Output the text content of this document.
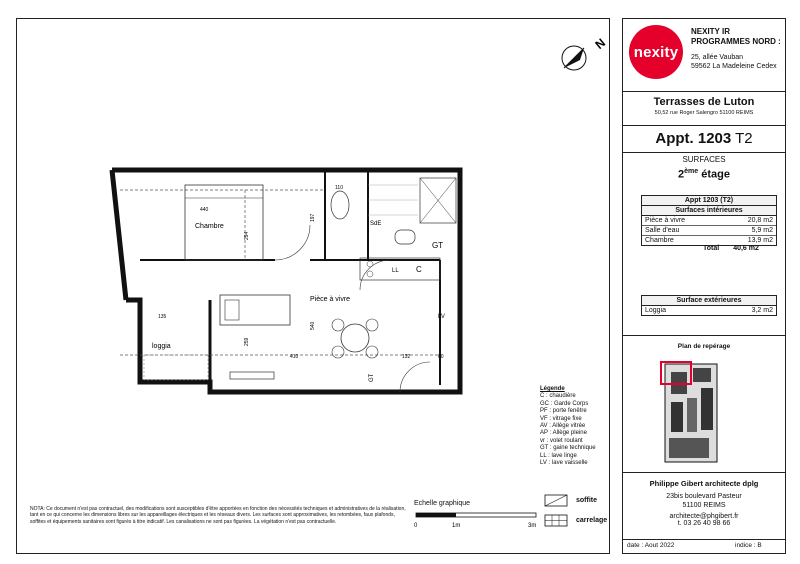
N
Chambre
Pièce à vivre
loggia
SdE
440
110
294
135
259
410	132	60
540
197
GT
GT
LL
LV
C
Légende
C : chaudière
GC : Garde Corps
PF : porte fenêtre
VF : vitrage fixe
AV : Allège vitrée
AP : Allège pleine
vr : volet roulant
GT : gaine technique
LL : lave linge
LV : lave vaisselle
Echelle graphique
0	1m	3m
soffite
carrelage
NOTA: Ce document n'est pas contractuel, des modifications sont susceptibles d'être apportées en fonction des nécessités techniques et administratives de la réalisation, tant en ce qui concerne les dimensions libres sur les appareillages électriques et les réseaux divers. Les surfaces sont approximatives, les retombées, faux plafonds, soffites et équipements sanitaires sont figurés à titre indicatif. Les canalisations ne sont pas figurées. La végétation n'est pas contractuelle.
nexity
NEXITY IR
PROGRAMMES NORD :
25, allée Vauban
59562 La Madeleine Cedex
Terrasses de Luton
50,52 rue Roger Salengro 51100 REIMS
Appt. 1203 T2
SURFACES
2ème étage
Appt 1203 (T2)
Surfaces intérieures
Pièce à vivre	20,8 m2
Salle d'eau	5,9 m2
Chambre	13,9 m2
Total 40,6 m2
Surface extérieures
Loggia	3,2 m2
Plan de repérage
Philippe Gibert architecte dplg
23bis boulevard Pasteur
51100 REIMS
architecte@phgibert.fr
t. 03 26 40 98 66
date : Aout 2022	indice : B
